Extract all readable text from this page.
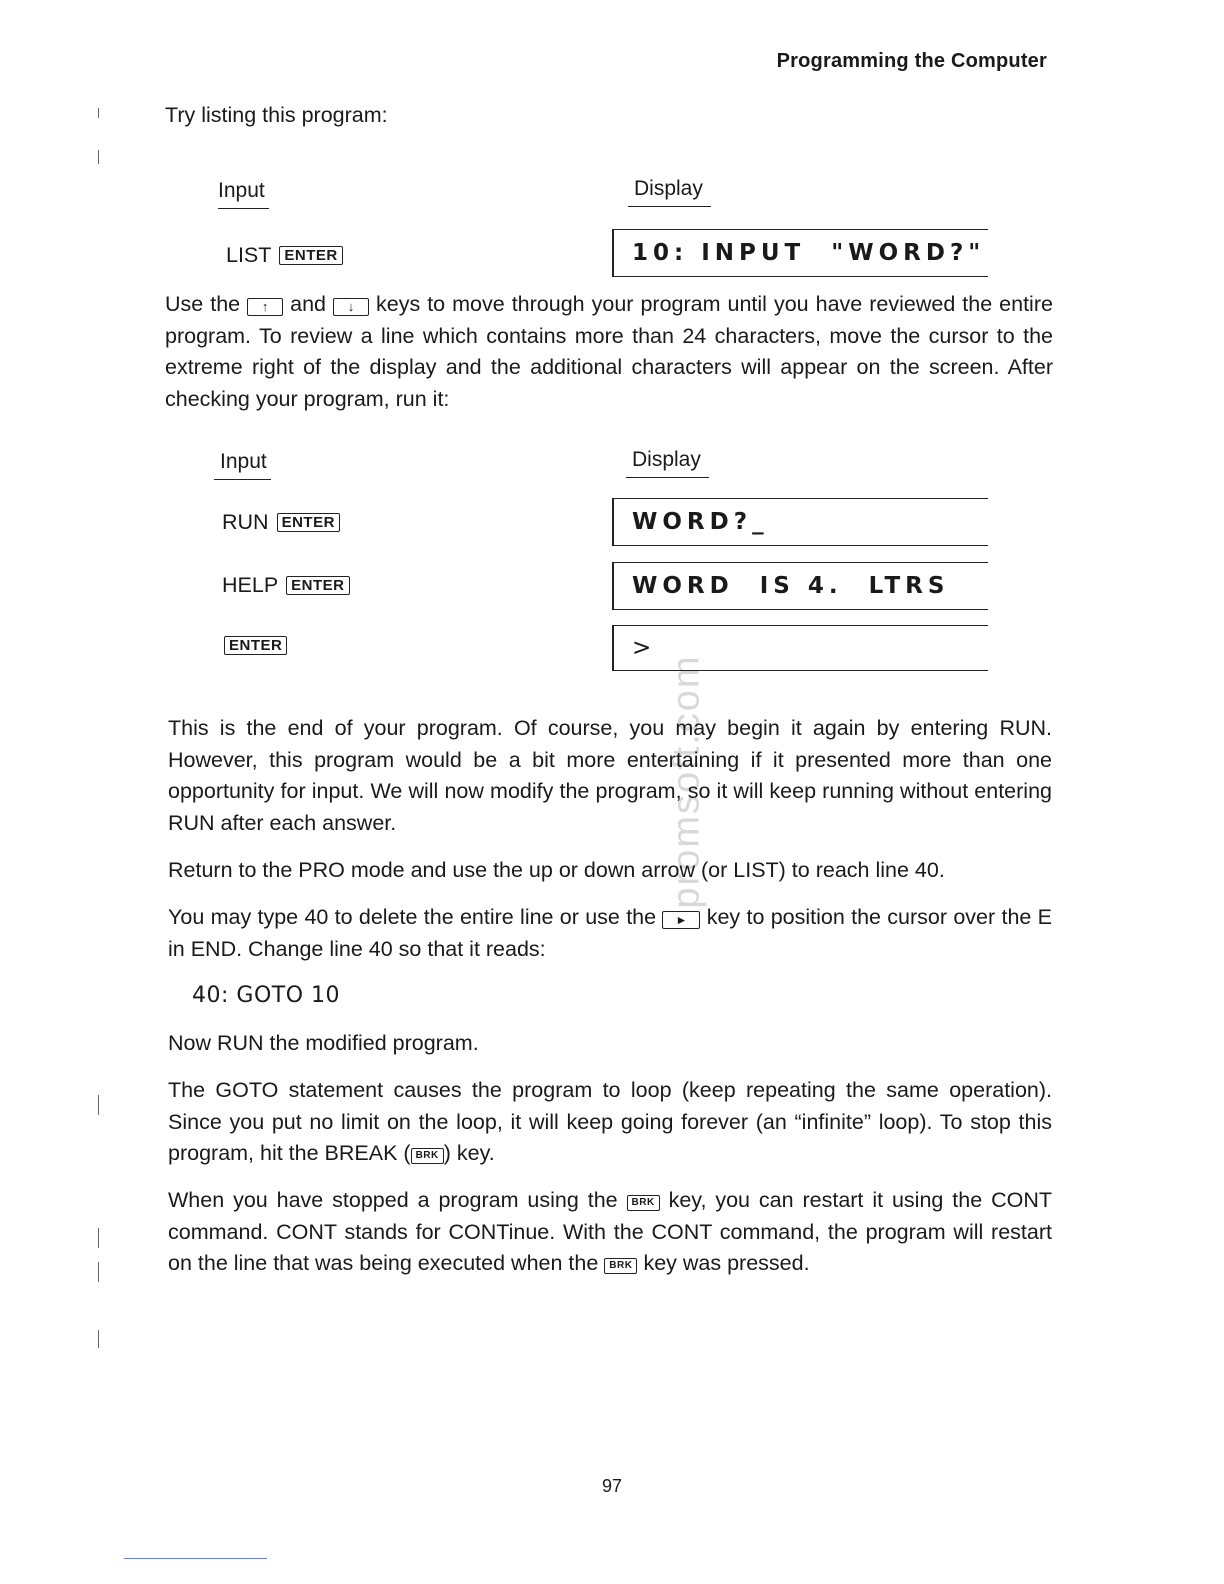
promsoft.com
Programming the Computer
Try listing this program:
Input	Display
LIST ENTER	10: INPUT  "WORD?"
Use the ↑ and ↓ keys to move through your program until you have reviewed the entire program. To review a line which contains more than 24 characters, move the cursor to the extreme right of the display and the additional characters will appear on the screen. After checking your program, run it:
Input	Display
RUN ENTER	WORD?_
HELP ENTER	WORD  IS 4.  LTRS
ENTER	>
This is the end of your program. Of course, you may begin it again by entering RUN. However, this program would be a bit more entertaining if it presented more than one opportunity for input. We will now modify the program, so it will keep running without entering RUN after each answer.
Return to the PRO mode and use the up or down arrow (or LIST) to reach line 40.
You may type 40 to delete the entire line or use the ► key to position the cursor over the E in END. Change line 40 so that it reads:
40: GOTO 10
Now RUN the modified program.
The GOTO statement causes the program to loop (keep repeating the same operation). Since you put no limit on the loop, it will keep going forever (an “infinite” loop). To stop this program, hit the BREAK ( BRK ) key.
When you have stopped a program using the BRK key, you can restart it using the CONT command. CONT stands for CONTinue. With the CONT command, the program will restart on the line that was being executed when the BRK key was pressed.
97
